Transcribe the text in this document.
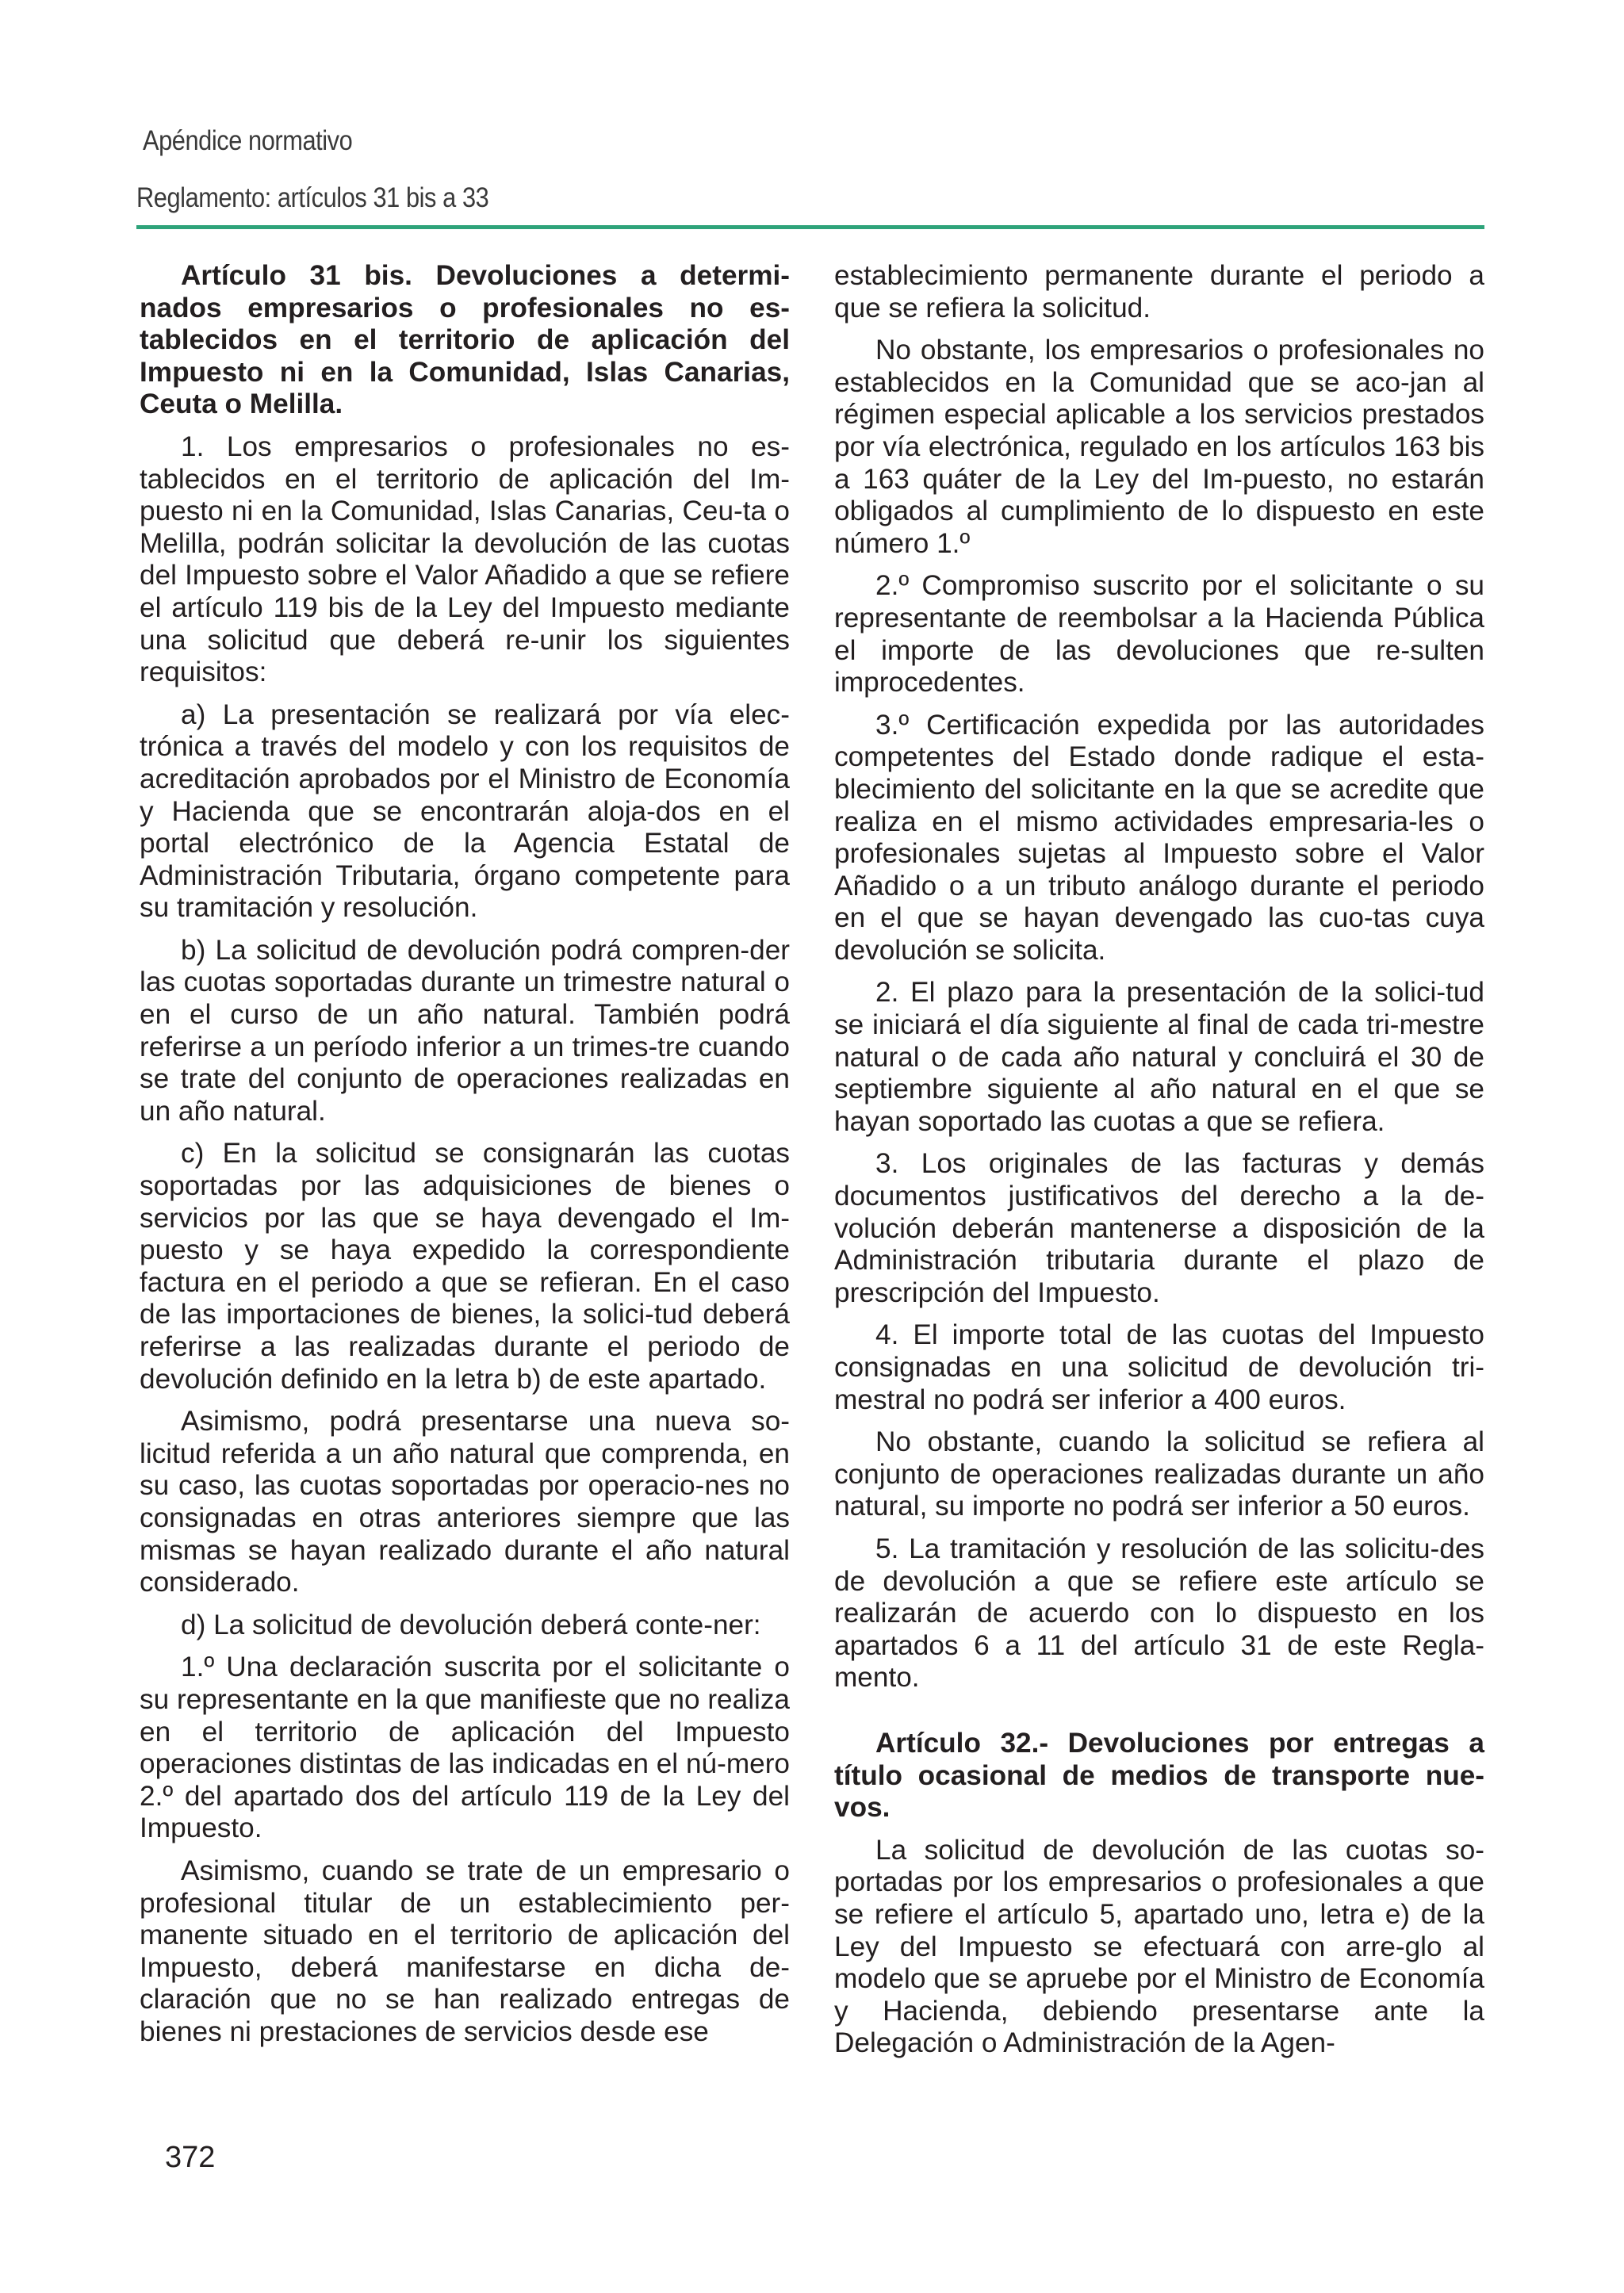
Apéndice normativo
Reglamento: artículos 31 bis a 33
Artículo 31 bis. Devoluciones a determi-nados empresarios o profesionales no es-tablecidos en el territorio de aplicación del Impuesto ni en la Comunidad, Islas Canarias, Ceuta o Melilla.

1. Los empresarios o profesionales no es-tablecidos en el territorio de aplicación del Im-puesto ni en la Comunidad, Islas Canarias, Ceu-ta o Melilla, podrán solicitar la devolución de las cuotas del Impuesto sobre el Valor Añadido a que se refiere el artículo 119 bis de la Ley del Impuesto mediante una solicitud que deberá re-unir los siguientes requisitos:

a) La presentación se realizará por vía elec-trónica a través del modelo y con los requisitos de acreditación aprobados por el Ministro de Economía y Hacienda que se encontrarán aloja-dos en el portal electrónico de la Agencia Estatal de Administración Tributaria, órgano competente para su tramitación y resolución.

b) La solicitud de devolución podrá compren-der las cuotas soportadas durante un trimestre natural o en el curso de un año natural. También podrá referirse a un período inferior a un trimes-tre cuando se trate del conjunto de operaciones realizadas en un año natural.

c) En la solicitud se consignarán las cuotas soportadas por las adquisiciones de bienes o servicios por las que se haya devengado el Im-puesto y se haya expedido la correspondiente factura en el periodo a que se refieran. En el caso de las importaciones de bienes, la solici-tud deberá referirse a las realizadas durante el periodo de devolución definido en la letra b) de este apartado.

Asimismo, podrá presentarse una nueva so-licitud referida a un año natural que comprenda, en su caso, las cuotas soportadas por operacio-nes no consignadas en otras anteriores siempre que las mismas se hayan realizado durante el año natural considerado.

d) La solicitud de devolución deberá conte-ner:

1.º Una declaración suscrita por el solicitante o su representante en la que manifieste que no realiza en el territorio de aplicación del Impuesto operaciones distintas de las indicadas en el nú-mero 2.º del apartado dos del artículo 119 de la Ley del Impuesto.

Asimismo, cuando se trate de un empresario o profesional titular de un establecimiento per-manente situado en el territorio de aplicación del Impuesto, deberá manifestarse en dicha de-claración que no se han realizado entregas de bienes ni prestaciones de servicios desde ese

establecimiento permanente durante el periodo a que se refiera la solicitud.

No obstante, los empresarios o profesionales no establecidos en la Comunidad que se aco-jan al régimen especial aplicable a los servicios prestados por vía electrónica, regulado en los artículos 163 bis a 163 quáter de la Ley del Im-puesto, no estarán obligados al cumplimiento de lo dispuesto en este número 1.º

2.º Compromiso suscrito por el solicitante o su representante de reembolsar a la Hacienda Pública el importe de las devoluciones que re-sulten improcedentes.

3.º Certificación expedida por las autoridades competentes del Estado donde radique el esta-blecimiento del solicitante en la que se acredite que realiza en el mismo actividades empresaria-les o profesionales sujetas al Impuesto sobre el Valor Añadido o a un tributo análogo durante el periodo en el que se hayan devengado las cuo-tas cuya devolución se solicita.

2. El plazo para la presentación de la solici-tud se iniciará el día siguiente al final de cada tri-mestre natural o de cada año natural y concluirá el 30 de septiembre siguiente al año natural en el que se hayan soportado las cuotas a que se refiera.

3. Los originales de las facturas y demás documentos justificativos del derecho a la de-volución deberán mantenerse a disposición de la Administración tributaria durante el plazo de prescripción del Impuesto.

4. El importe total de las cuotas del Impuesto consignadas en una solicitud de devolución tri-mestral no podrá ser inferior a 400 euros.

No obstante, cuando la solicitud se refiera al conjunto de operaciones realizadas durante un año natural, su importe no podrá ser inferior a 50 euros.

5. La tramitación y resolución de las solicitu-des de devolución a que se refiere este artículo se realizarán de acuerdo con lo dispuesto en los apartados 6 a 11 del artículo 31 de este Regla-mento.

Artículo 32.- Devoluciones por entregas a título ocasional de medios de transporte nue-vos.

La solicitud de devolución de las cuotas so-portadas por los empresarios o profesionales a que se refiere el artículo 5, apartado uno, letra e) de la Ley del Impuesto se efectuará con arre-glo al modelo que se apruebe por el Ministro de Economía y Hacienda, debiendo presentarse ante la Delegación o Administración de la Agen-

372
